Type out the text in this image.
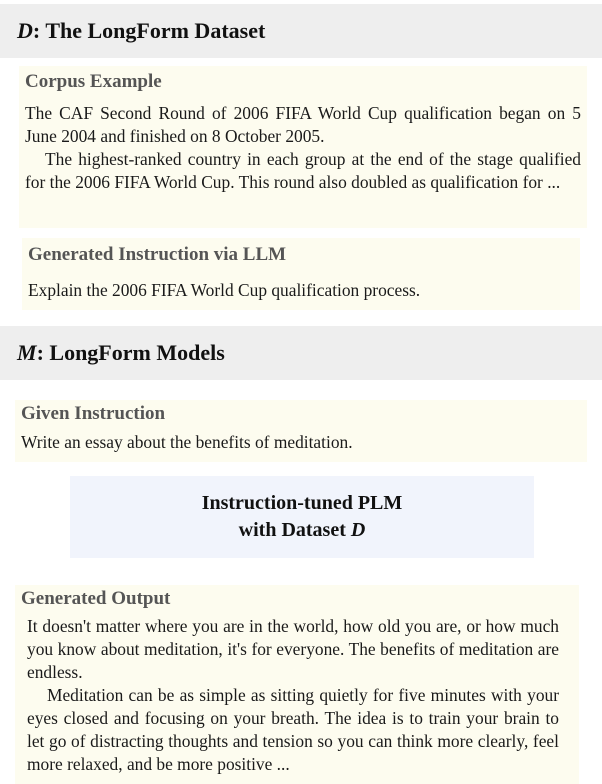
D : The LongForm Dataset
Corpus Example

The CAF Second Round of 2006 FIFA World Cup qualification began on 5 June 2004 and finished on 8 October 2005.

The highest-ranked country in each group at the end of the stage qualified for the 2006 FIFA World Cup. This round also doubled as qualification for ...

Generated Instruction via LLM
Explain the 2006 FIFA World Cup qualification process.
M : LongForm Models
Given Instruction
Write an essay about the benefits of meditation.
Instruction-tuned PLM
with Dataset D
Generated Output

It doesn't matter where you are in the world, how old you are, or how much you know about meditation, it's for everyone. The benefits of meditation are endless.

Meditation can be as simple as sitting quietly for five minutes with your eyes closed and focusing on your breath. The idea is to train your brain to let go of distracting thoughts and tension so you can think more clearly, feel more relaxed, and be more positive ...
